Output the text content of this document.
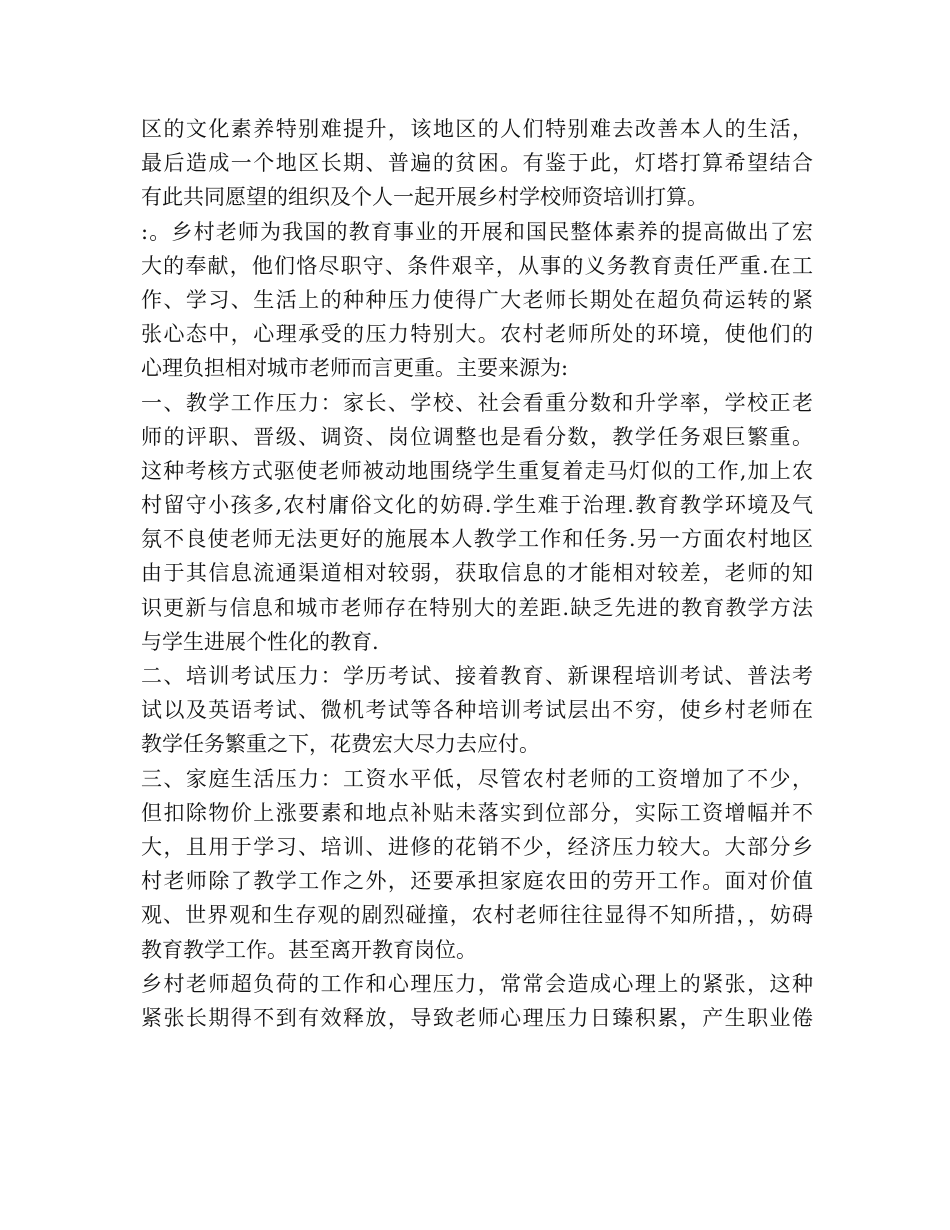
区的文化素养特别难提升，该地区的人们特别难去改善本人的生活，
最后造成一个地区长期、普遍的贫困。有鉴于此，灯塔打算希望结合
有此共同愿望的组织及个人一起开展乡村学校师资培训打算。
:。乡村老师为我国的教育事业的开展和国民整体素养的提高做出了宏
大的奉献，他们恪尽职守、条件艰辛，从事的义务教育责任严重.在工
作、学习、生活上的种种压力使得广大老师长期处在超负荷运转的紧
张心态中，心理承受的压力特别大。农村老师所处的环境，使他们的
心理负担相对城市老师而言更重。主要来源为:
一、教学工作压力：家长、学校、社会看重分数和升学率，学校正老
师的评职、晋级、调资、岗位调整也是看分数，教学任务艰巨繁重。
这种考核方式驱使老师被动地围绕学生重复着走马灯似的工作,加上农
村留守小孩多,农村庸俗文化的妨碍.学生难于治理.教育教学环境及气
氛不良使老师无法更好的施展本人教学工作和任务.另一方面农村地区
由于其信息流通渠道相对较弱，获取信息的才能相对较差，老师的知
识更新与信息和城市老师存在特别大的差距.缺乏先进的教育教学方法
与学生进展个性化的教育.
二、培训考试压力：学历考试、接着教育、新课程培训考试、普法考
试以及英语考试、微机考试等各种培训考试层出不穷，使乡村老师在
教学任务繁重之下，花费宏大尽力去应付。
三、家庭生活压力：工资水平低，尽管农村老师的工资增加了不少，
但扣除物价上涨要素和地点补贴未落实到位部分，实际工资增幅并不
大，且用于学习、培训、进修的花销不少，经济压力较大。大部分乡
村老师除了教学工作之外，还要承担家庭农田的劳开工作。面对价值
观、世界观和生存观的剧烈碰撞，农村老师往往显得不知所措，，妨碍
教育教学工作。甚至离开教育岗位。
乡村老师超负荷的工作和心理压力，常常会造成心理上的紧张，这种
紧张长期得不到有效释放，导致老师心理压力日臻积累，产生职业倦
